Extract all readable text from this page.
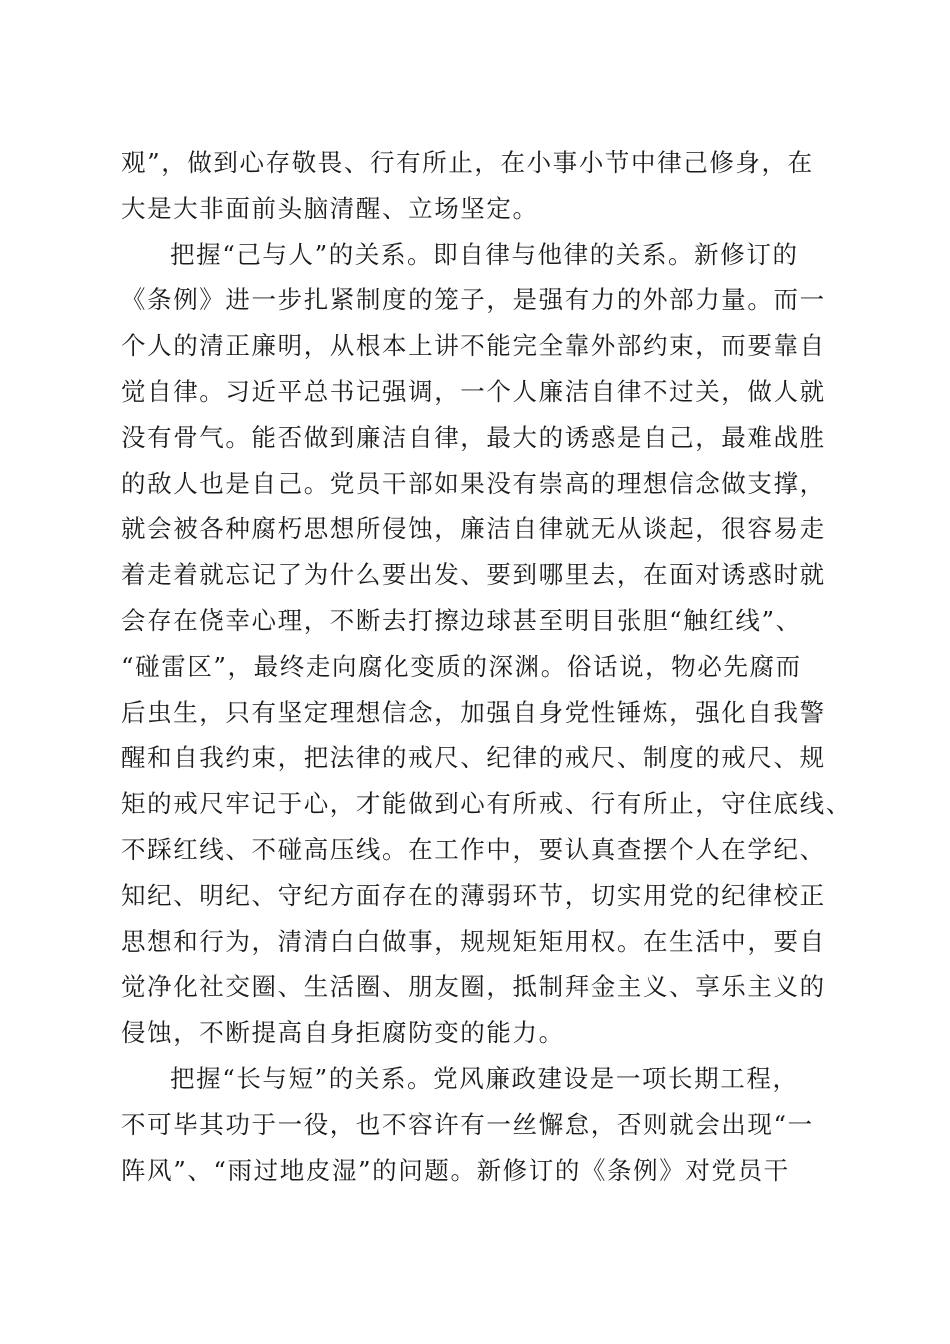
观”，做到心存敬畏、行有所止，在小事小节中律己修身，在
大是大非面前头脑清醒、立场坚定。
把握“己与人”的关系。即自律与他律的关系。新修订的
《条例》进一步扎紧制度的笼子，是强有力的外部力量。而一
个人的清正廉明，从根本上讲不能完全靠外部约束，而要靠自
觉自律。习近平总书记强调，一个人廉洁自律不过关，做人就
没有骨气。能否做到廉洁自律，最大的诱惑是自己，最难战胜
的敌人也是自己。党员干部如果没有崇高的理想信念做支撑，
就会被各种腐朽思想所侵蚀，廉洁自律就无从谈起，很容易走
着走着就忘记了为什么要出发、要到哪里去，在面对诱惑时就
会存在侥幸心理，不断去打擦边球甚至明目张胆“触红线”、
“碰雷区”，最终走向腐化变质的深渊。俗话说，物必先腐而
后虫生，只有坚定理想信念，加强自身党性锤炼，强化自我警
醒和自我约束，把法律的戒尺、纪律的戒尺、制度的戒尺、规
矩的戒尺牢记于心，才能做到心有所戒、行有所止，守住底线、
不踩红线、不碰高压线。在工作中，要认真查摆个人在学纪、
知纪、明纪、守纪方面存在的薄弱环节，切实用党的纪律校正
思想和行为，清清白白做事，规规矩矩用权。在生活中，要自
觉净化社交圈、生活圈、朋友圈，抵制拜金主义、享乐主义的
侵蚀，不断提高自身拒腐防变的能力。
把握“长与短”的关系。党风廉政建设是一项长期工程，
不可毕其功于一役，也不容许有一丝懈怠，否则就会出现“一
阵风”、“雨过地皮湿”的问题。新修订的《条例》对党员干
